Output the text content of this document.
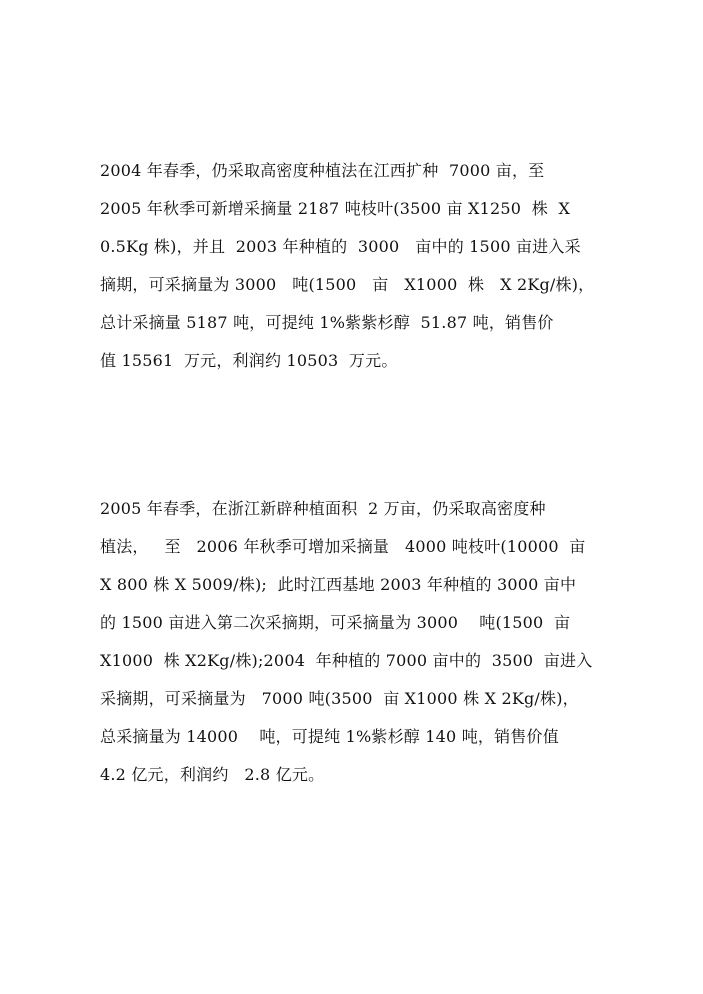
2004 年春季，仍采取高密度种植法在江西扩种  7000 亩，至
2005 年秋季可新增采摘量 2187 吨枝叶(3500 亩 X1250  株  X
0.5Kg 株)，并且  2003 年种植的  3000   亩中的 1500 亩进入采
摘期，可采摘量为 3000   吨(1500   亩   X1000  株   X 2Kg/株)，
总计采摘量 5187 吨，可提纯 1%紫紫杉醇  51.87 吨，销售价
值 15561  万元，利润约 10503  万元。
2005 年春季，在浙江新辟种植面积  2 万亩，仍采取高密度种
植法，   至   2006 年秋季可增加采摘量   4000 吨枝叶(10000  亩
X 800 株 X 5009/株);  此时江西基地 2003 年种植的 3000 亩中
的 1500 亩进入第二次采摘期，可采摘量为 3000    吨(1500  亩
X1000  株 X2Kg/株);2004  年种植的 7000 亩中的  3500  亩进入
采摘期，可采摘量为   7000 吨(3500  亩 X1000 株 X 2Kg/株)，
总采摘量为 14000    吨，可提纯 1%紫杉醇 140 吨，销售价值
4.2 亿元，利润约   2.8 亿元。
